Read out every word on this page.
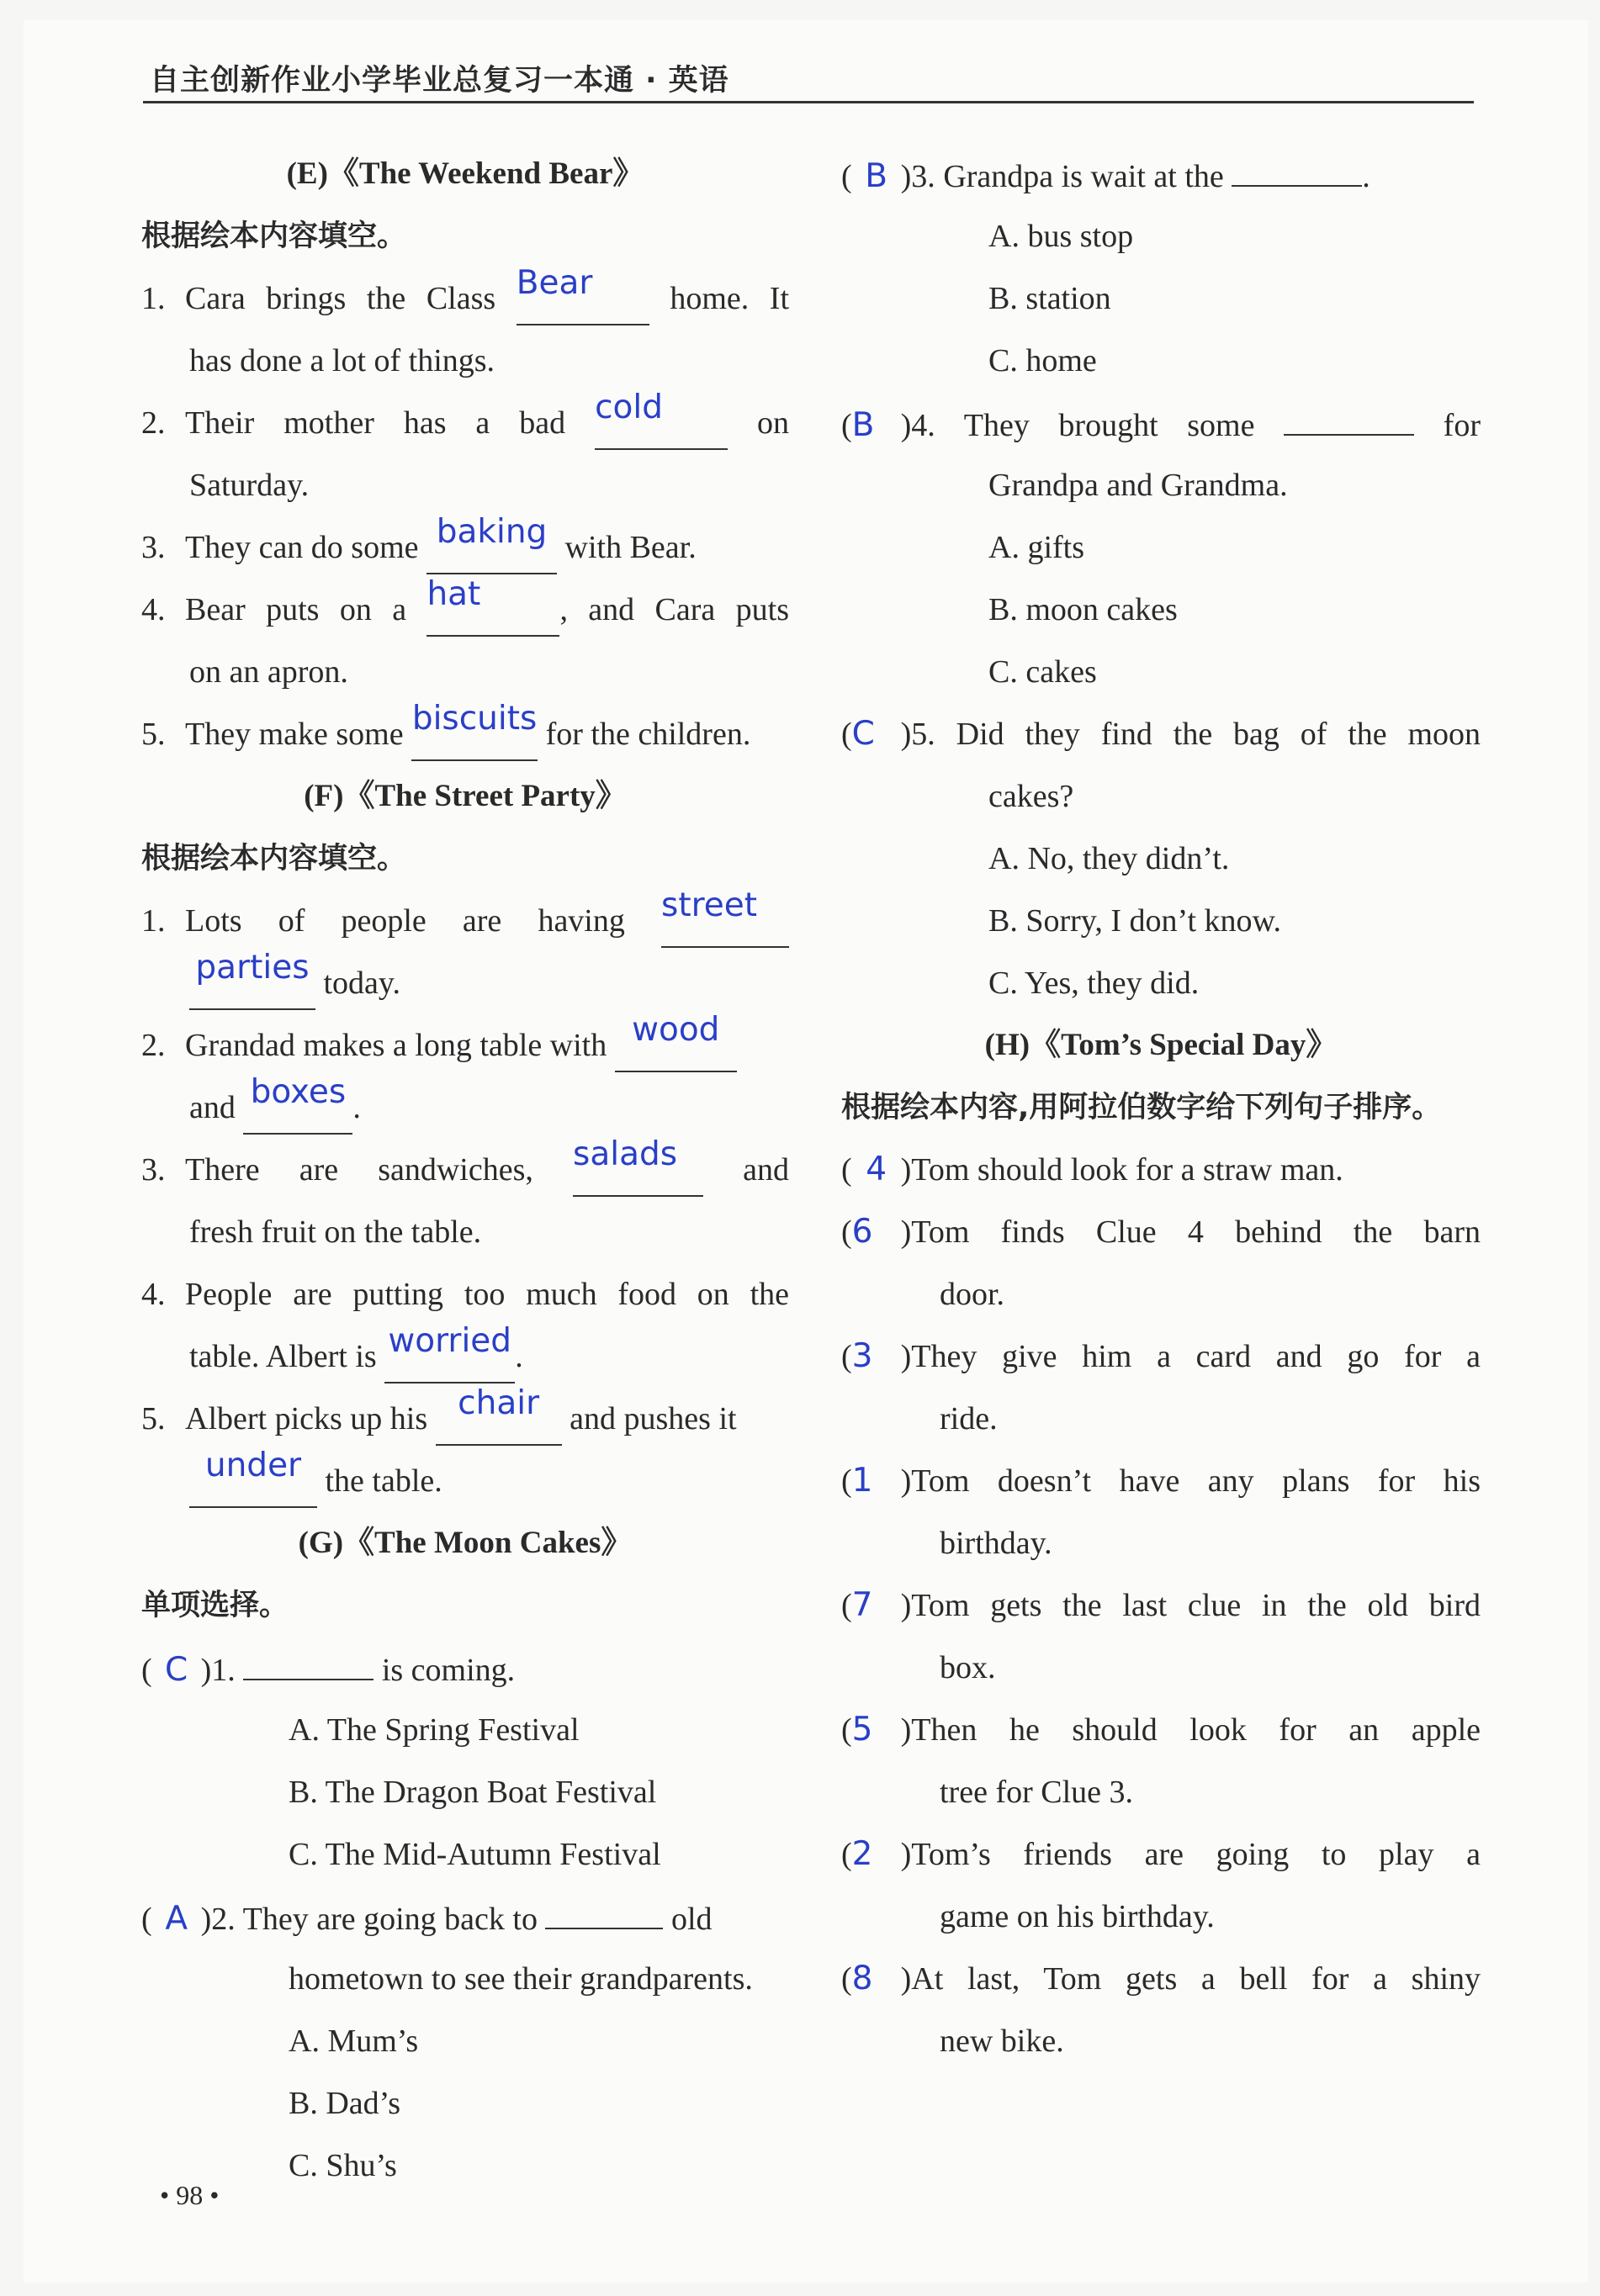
自主创新作业小学毕业总复习一本通 · 英语
(E)《The Weekend Bear》
根据绘本内容填空。
1. Cara brings the Class Bear home. It
has done a lot of things.
2. Their mother has a bad cold	on
Saturday.
3. They can do some baking with Bear.
4. Bear puts on a hat , and Cara puts
on an apron.
5. They make some biscuits for the children.
(F)《The Street Party》
根据绘本内容填空。
1. Lots of people are having street
parties today.
2. Grandad makes a long table with wood
and boxes .
3. There are sandwiches, salads and
fresh fruit on the table.
4. People are putting too much food on the
table. Albert is worried .
5. Albert picks up his chair and pushes it
under the table.
(G)《The Moon Cakes》
单项选择。
( C )1.	is coming.
A. The Spring Festival
B. The Dragon Boat Festival
C. The Mid-Autumn Festival
( A )2. They are going back to	old
hometown to see their grandparents.
A. Mum’s
B. Dad’s
C. Shu’s
( B )3. Grandpa is wait at the	.
A. bus stop
B. station
C. home
(B )4. They brought some	for
Grandpa and Grandma.
A. gifts
B. moon cakes
C. cakes
(C )5. Did they find the bag of the moon
cakes?
A. No, they didn’t.
B. Sorry, I don’t know.
C. Yes, they did.
(H)《Tom’s Special Day》
根据绘本内容,用阿拉伯数字给下列句子排序。
( 4 )Tom should look for a straw man.
(6 )Tom finds Clue 4 behind the barn
door.
(3 )They give him a card and go for a
ride.
(1 )Tom doesn’t have any plans for his
birthday.
(7 )Tom gets the last clue in the old bird
box.
(5 )Then he should look for an apple
tree for Clue 3.
(2 )Tom’s friends are going to play a
game on his birthday.
(8 )At last, Tom gets a bell for a shiny
new bike.
• 98 •
